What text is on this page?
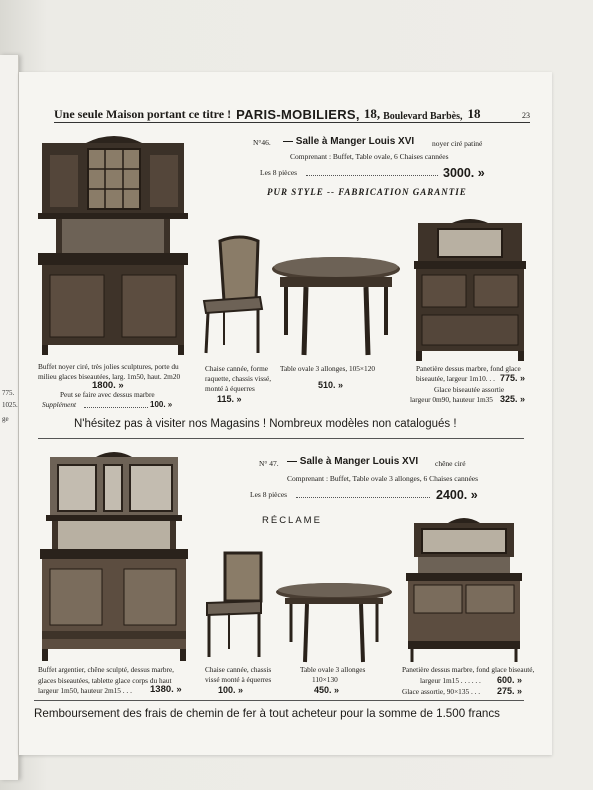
775.
1025.
ge
Une seule Maison portant ce titre ! PARIS-MOBILIERS, 18, Boulevard Barbès, 18	23
N°46. — Salle à Manger Louis XVI noyer ciré patiné
Comprenant : Buffet, Table ovale, 6 Chaises cannées
Les 8 pièces	3000. »
PUR STYLE -- FABRICATION GARANTIE
Buffet noyer ciré, très jolies sculptures, porte du
milieu glaces biseautées, larg. 1m50, haut. 2m20
1800. »
Peut se faire avec dessus marbre
Supplément	100. »
Chaise cannée, forme
raquette, chassis vissé,
monté à équerres
115. »
Table ovale 3 allonges, 105×120
510. »
Panetière dessus marbre, fond glace
biseautée, largeur 1m10. . . 775. »
Glace biseautée assortie
largeur 0m90, hauteur 1m35 325. »
N'hésitez pas à visiter nos Magasins ! Nombreux modèles non catalogués !
N° 47. — Salle à Manger Louis XVI chêne ciré
Comprenant : Buffet, Table ovale 3 allonges, 6 Chaises cannées
Les 8 pièces	2400. »
RÉCLAME
Buffet argentier, chêne sculpté, dessus marbre,
glaces biseautées, tablette glace corps du haut
largeur 1m50, hauteur 2m15 . . . 1380. »
Chaise cannée, chassis
vissé monté à équerres
100. »
Table ovale 3 allonges
110×130
450. »
Panetière dessus marbre, fond glace biseauté,
largeur 1m15 . . . . . . 600. »
Glace assortie, 90×135 . . . 275. »
Remboursement des frais de chemin de fer à tout acheteur pour la somme de 1.500 francs
